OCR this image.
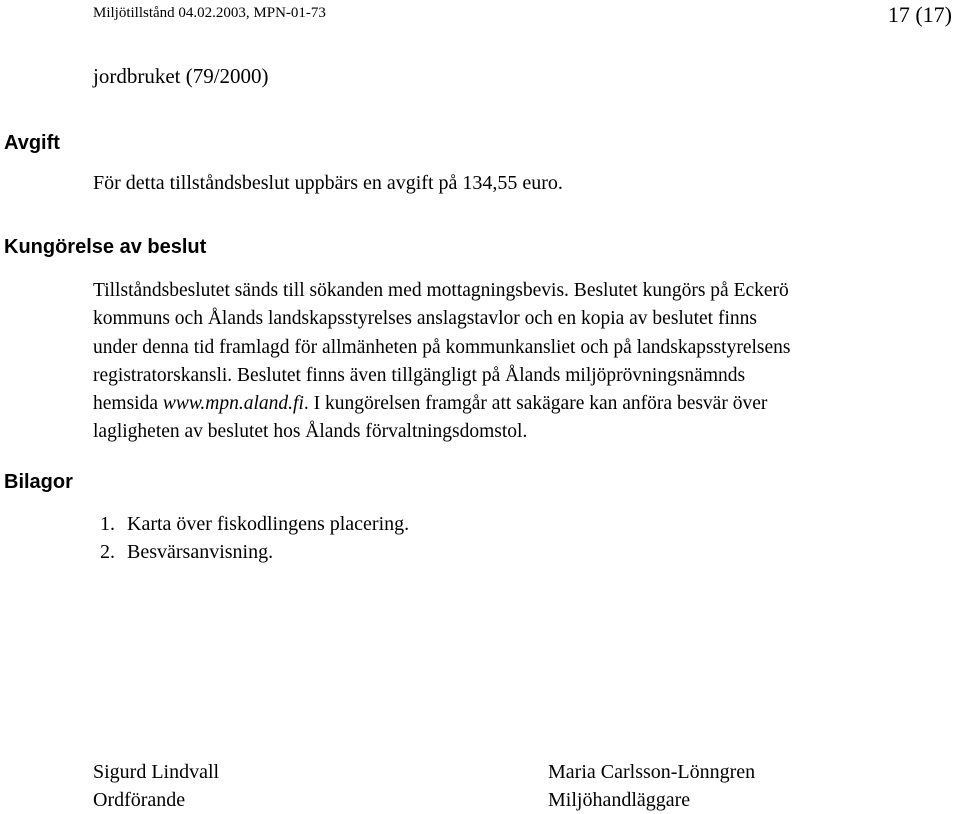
Miljötillstånd 04.02.2003, MPN-01-73	17 (17)
jordbruket (79/2000)
Avgift
För detta tillståndsbeslut uppbärs en avgift på 134,55 euro.
Kungörelse av beslut
Tillståndsbeslutet sänds till sökanden med mottagningsbevis. Beslutet kungörs på Eckerö
kommuns och Ålands landskapsstyrelses anslagstavlor och en kopia av beslutet finns
under denna tid framlagd för allmänheten på kommunkansliet och på landskapsstyrelsens
registratorskansli. Beslutet finns även tillgängligt på Ålands miljöprövningsnämnds
hemsida www.mpn.aland.fi. I kungörelsen framgår att sakägare kan anföra besvär över
lagligheten av beslutet hos Ålands förvaltningsdomstol.
Bilagor
1. Karta över fiskodlingens placering.
2. Besvärsanvisning.
Sigurd Lindvall
Ordförande
Maria Carlsson-Lönngren
Miljöhandläggare
